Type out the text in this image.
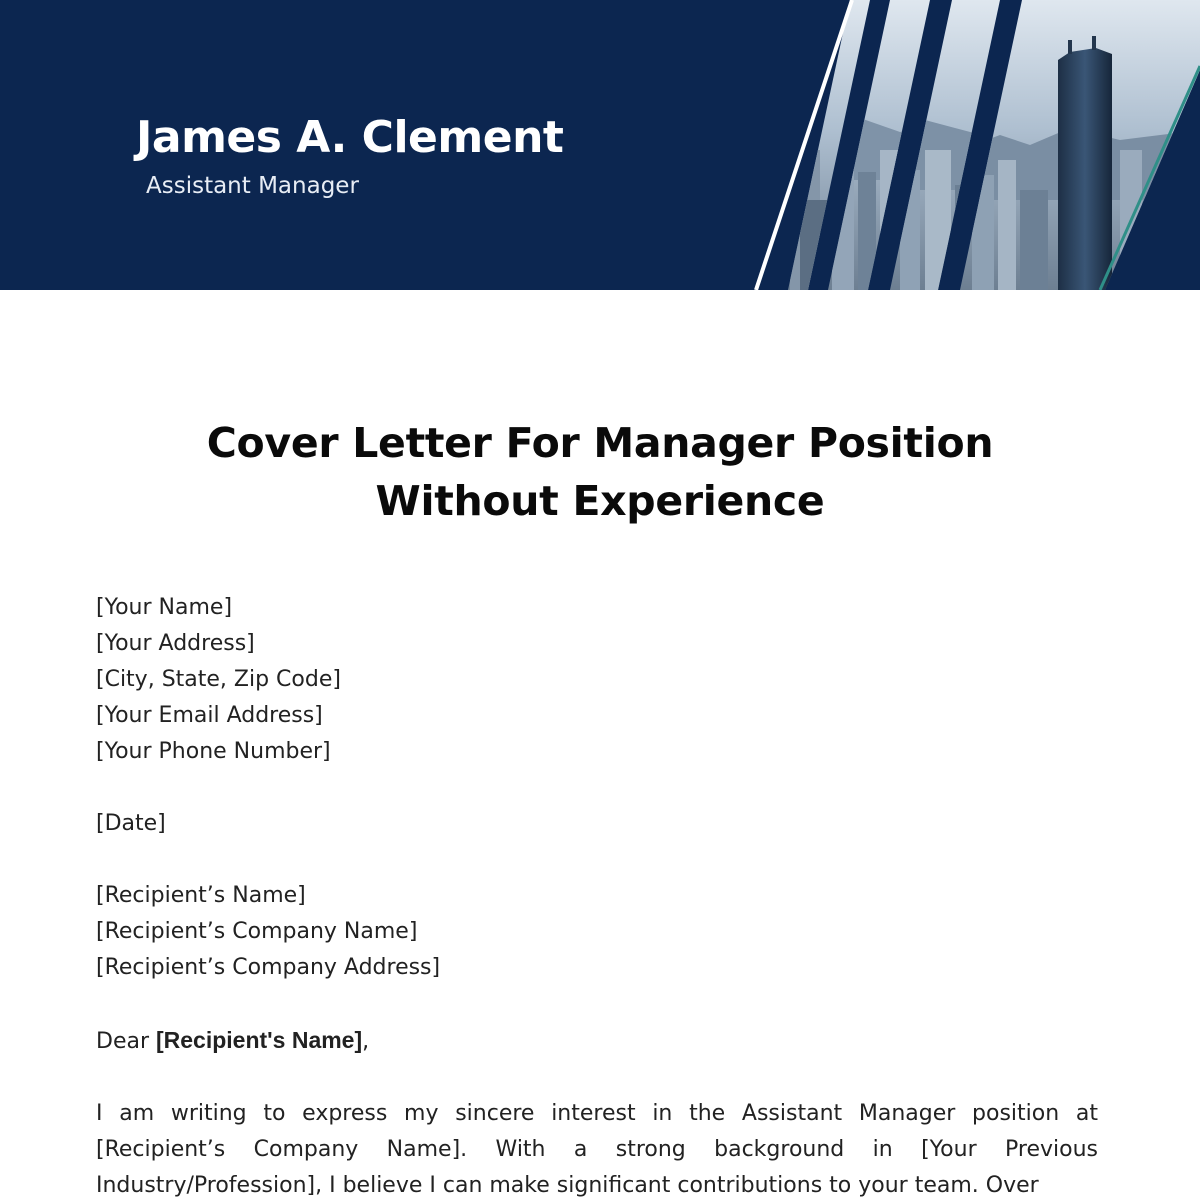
James A. Clement
Assistant Manager
Cover Letter For Manager Position
Without Experience
[Your Name]
[Your Address]
[City, State, Zip Code]
[Your Email Address]
[Your Phone Number]
[Date]
[Recipient’s Name]
[Recipient’s Company Name]
[Recipient’s Company Address]
Dear [Recipient's Name],

I am writing to express my sincere interest in the Assistant Manager position at [Recipient’s Company Name]. With a strong background in [Your Previous Industry/Profession], I believe I can make significant contributions to your team. Over
